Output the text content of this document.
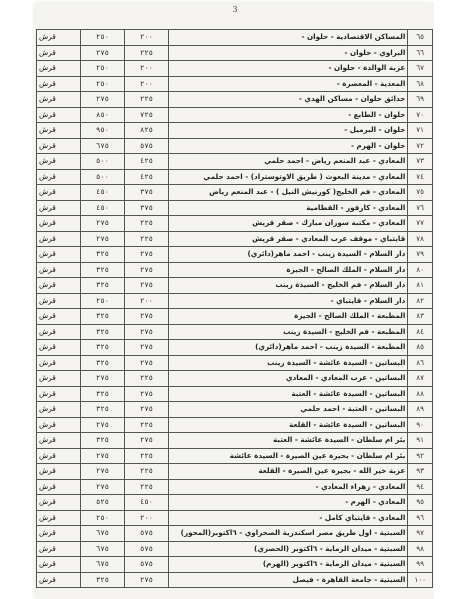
3
٦٥	المساكن الاقتصادية - حلوان -	٢٠٠	٢٥٠	قرش
٦٦	البراوي - حلوان -	٢٢٥	٢٧٥	قرش
٦٧	عزبة الوالدة - حلوان -	٢٠٠	٢٥٠	قرش
٦٨	المعدية - المعصرة -	٢٠٠	٢٥٠	قرش
٦٩	حدائق حلوان - مساكن الهدي -	٢٢٥	٢٧٥	قرش
٧٠	حلوان - الطابع -	٧٢٥	٨٥٠	قرش
٧١	حلوان - البرميل -	٨٢٥	٩٥٠	قرش
٧٢	حلوان - الهرم -	٥٧٥	٦٧٥	قرش
٧٣	المعادي - عبد المنعم رياض - احمد حلمي	٤٢٥	٥٠٠	قرش
٧٤	المعادي - مدينة البعوث ( طريق الاوتوستراد) - احمد حلمي	٤٢٥	٥٠٠	قرش
٧٥	المعادي - فم الخليج( كورنيش النيل ) - عبد المنعم رياض	٣٧٥	٤٥٠	قرش
٧٦	المعادي - كارفور - القطامية	٣٧٥	٤٥٠	قرش
٧٧	المعادي - مكتبة سوزان مبارك - صقر قريش	٢٢٥	٢٧٥	قرش
٧٨	قايتباي - موقف عرب المعادي - صقر قريش	٢٢٥	٢٧٥	قرش
٧٩	دار السلام - السيدة زينب - احمد ماهر(دائري)	٢٧٥	٣٢٥	قرش
٨٠	دار السلام - الملك الصالح - الجيزة	٢٧٥	٣٢٥	قرش
٨١	دار السلام - فم الخليج - السيدة زينب	٢٧٥	٣٢٥	قرش
٨٢	دار السلام - قايتباي -	٢٠٠	٢٥٠	قرش
٨٣	المطبعة - الملك الصالح - الجيزة	٢٧٥	٣٢٥	قرش
٨٤	المطبعة - فم الخليج - السيدة زينب	٢٧٥	٣٢٥	قرش
٨٥	المطبعة - السيدة زينب - احمد ماهر(دائري)	٢٧٥	٣٢٥	قرش
٨٦	البساتين - السيدة عائشة - السيدة زينب	٢٧٥	٣٢٥	قرش
٨٧	البساتين - عرب المعادي - المعادي	٢٢٥	٢٧٥	قرش
٨٨	البساتين - السيدة عائشة - العتبة	٢٧٥	٣٢٥	قرش
٨٩	البساتين - العتبة - احمد حلمي	٢٧٥	٣٢٥	قرش
٩٠	البساتين - السيدة عائشة - القلعة	٢٢٥	٢٧٥	قرش
٩١	بئر ام سلطان - السيدة عائشة - العتبة	٢٧٥	٣٢٥	قرش
٩٢	بئر ام سلطان - بحيرة عين الصيرة - السيدة عائشة	٢٢٥	٢٧٥	قرش
٩٣	عزبة خير الله - بحيرة عين الصيرة - القلعة	٢٢٥	٢٧٥	قرش
٩٤	المعادي - زهراء المعادي -	٢٢٥	٢٧٥	قرش
٩٥	المعادي - الهرم -	٤٥٠	٥٢٥	قرش
٩٦	المعادي - قايتباي كامل -	٢٠٠	٢٥٠	قرش
٩٧	السبتية - اول طريق مصر اسكندرية الصحراوي - ٦اكتوبر(المحور)	٥٧٥	٦٧٥	قرش
٩٨	السبتية - ميدان الرماية - ٦اكتوبر (الحصري)	٥٧٥	٦٧٥	قرش
٩٩	السبتية - ميدان الرماية - ٦اكتوبر (الهرم)	٥٧٥	٦٧٥	قرش
١٠٠	السبتية - جامعة القاهرة - فيصل	٢٧٥	٣٢٥	قرش
